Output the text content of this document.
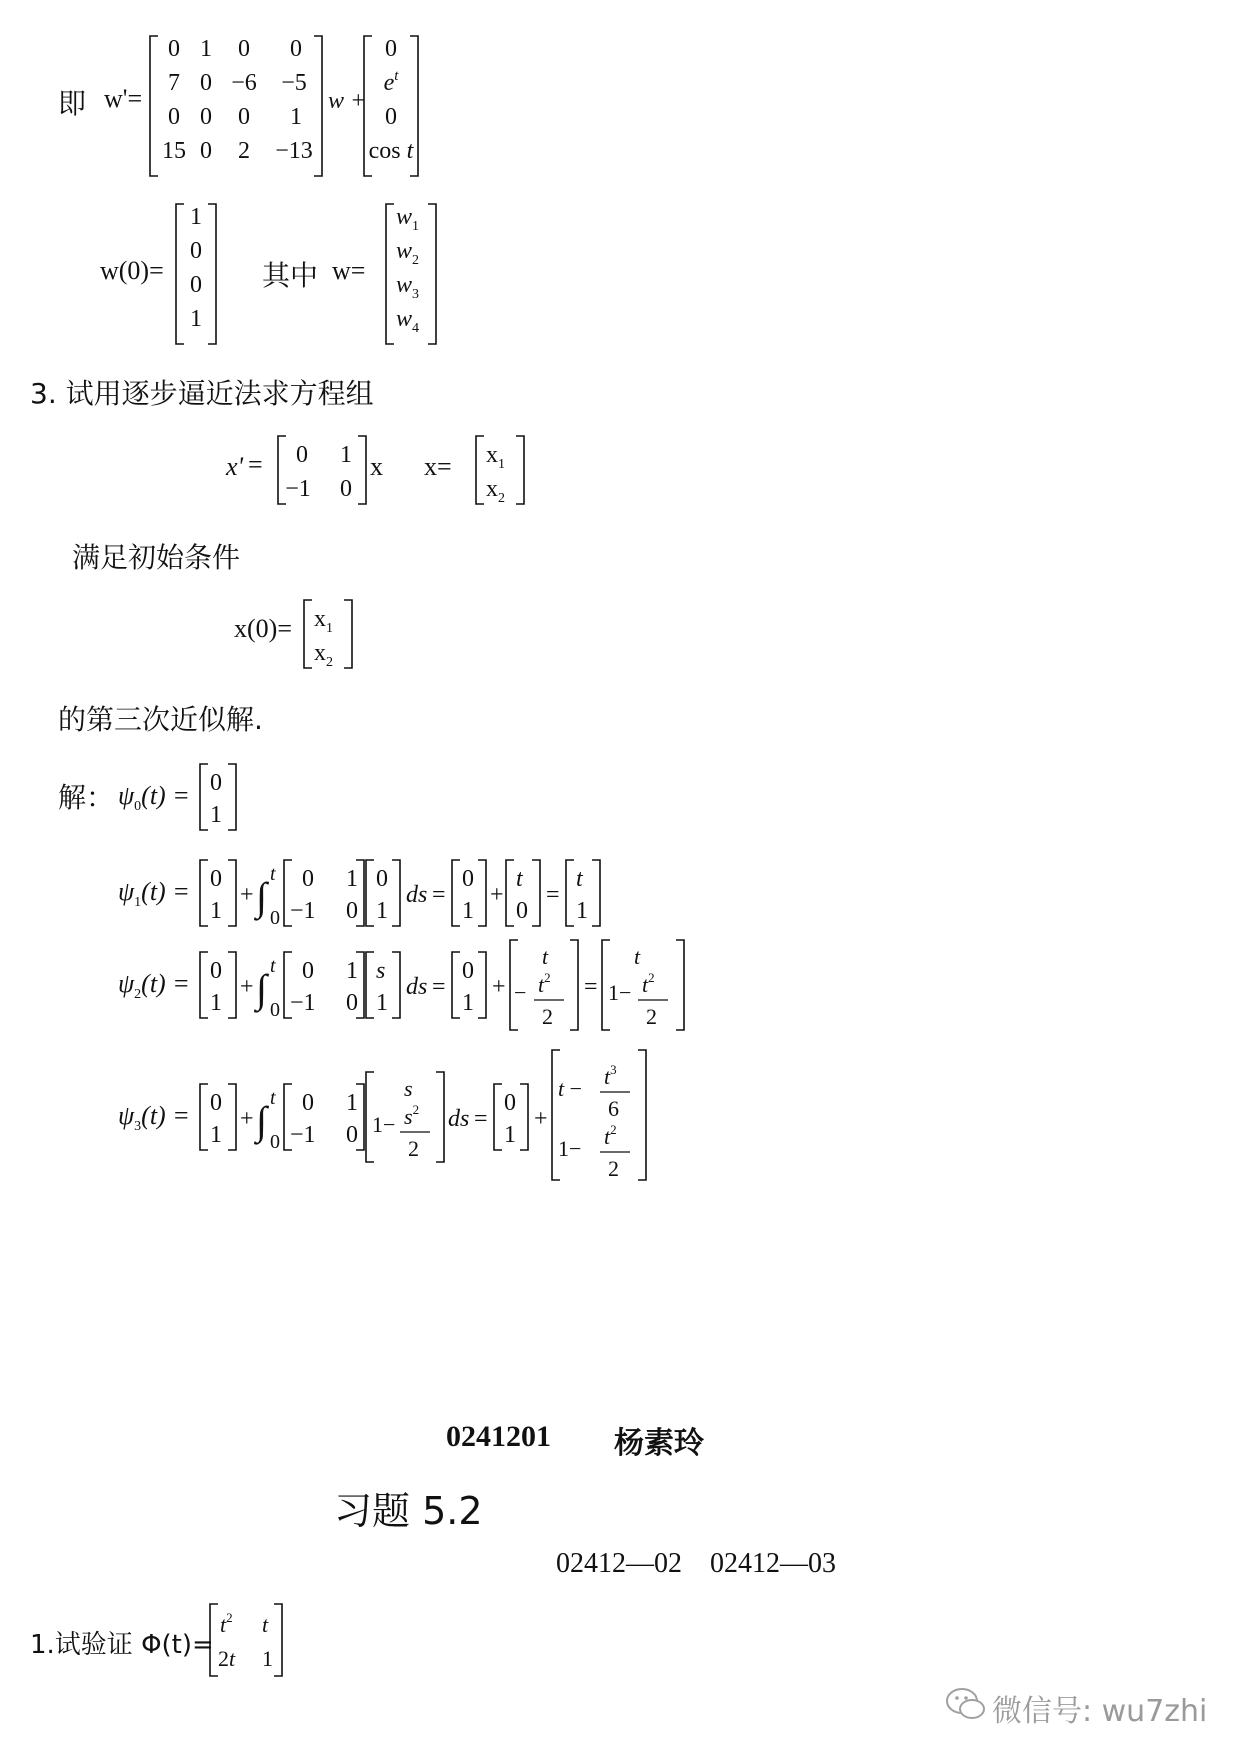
即 w'=
0 1 0 0
7 0 −6 −5
0 0 0 1
15 0 2 −13
w +
0
$e^t$
0
cos t
w(0)=
1
0
0
1
其中 w=
$w_1$
$w_2$
$w_3$
$w_4$
3. 试用逐步逼近法求方程组
x' = 0 1
−1 0
x $x= x_1$
$x_2$
满足初始条件
$x(0)= x_1$
$x_2$
的第三次近似解.
解： $\psi_0(t) = 0$
1
$\psi_1(t) = 0$
1
+ ∫ t
0
0 1
−1 0
0
1
ds =
0
1
+
t
0
=
t
1
$\psi_2(t) = 0$
1
+ ∫ t
0
0 1
−1 0
s
1
ds =
0
1
+
t
− $t^2$
2
=
t
$1- t^2$
2
$\psi_3(t) = 0$
1
+ ∫ t
0
0 1
−1 0
s
$1- s^2$
2
ds =
0
1
+
$t - t^3$
6
$1- t^2$
2
0241201 杨素玲
习题 5.2
02412—02    02412—03
1.试验证 Φ(t)=
$t^2$ t
2t 1
微信号: wu7zhi
